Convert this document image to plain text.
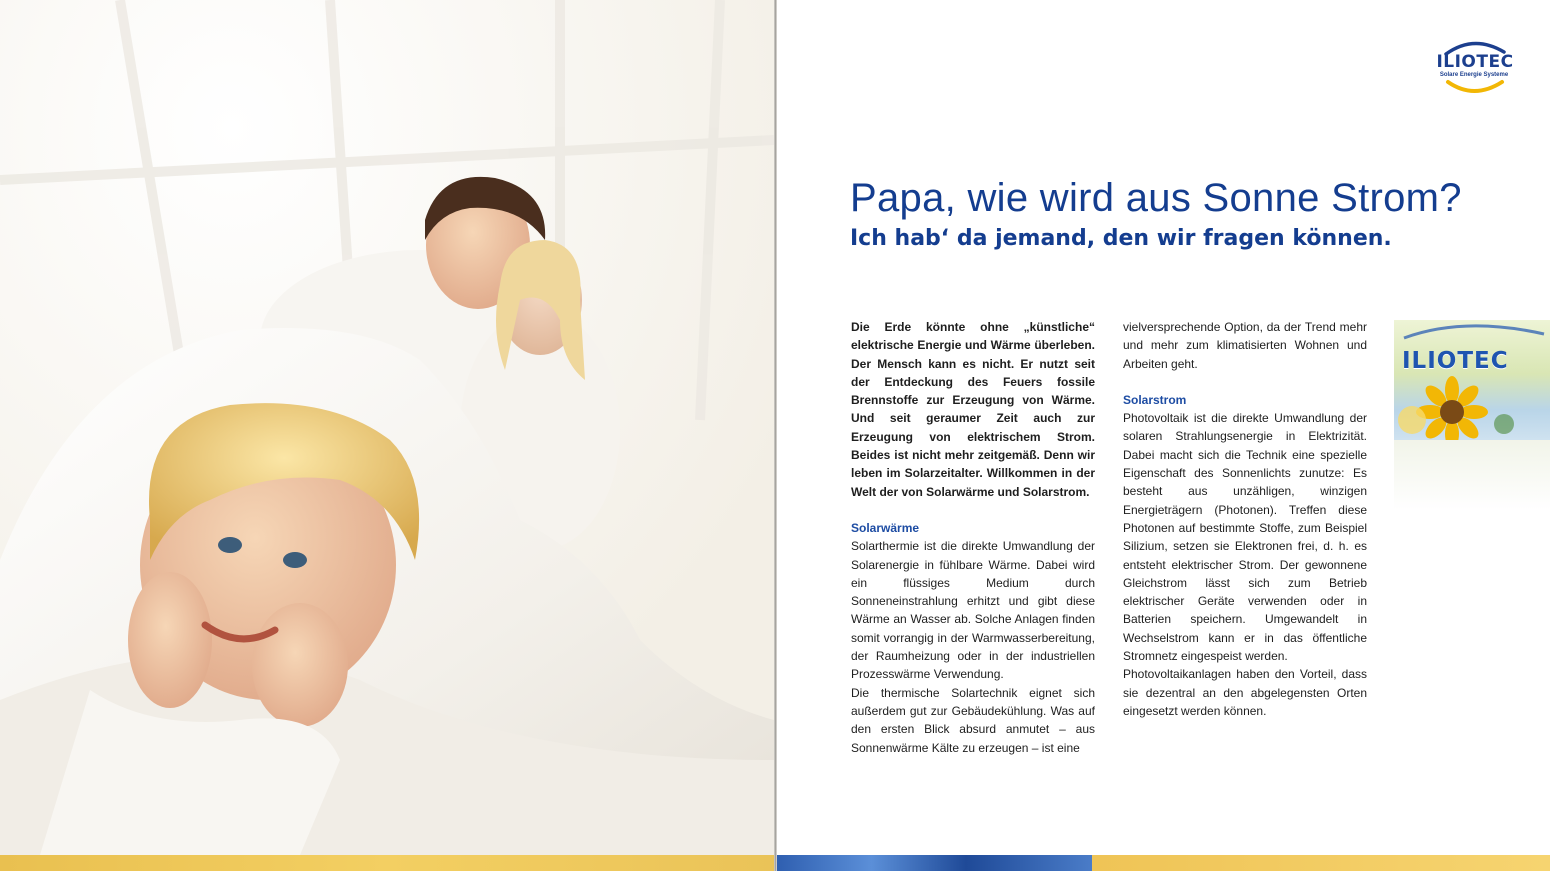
ILIOTEC
Solare Energie Systeme
Papa, wie wird aus Sonne Strom?
Ich hab‘ da jemand, den wir fragen können.

Die Erde könnte ohne „künstliche“ elektrische Energie und Wärme überleben. Der Mensch kann es nicht. Er nutzt seit der Entdeckung des Feuers fossile Brennstoffe zur Erzeugung von Wärme. Und seit geraumer Zeit auch zur Erzeugung von elektrischem Strom. Beides ist nicht mehr zeitgemäß. Denn wir leben im Solarzeitalter. Willkommen in der Welt der von Solarwärme und Solarstrom.

Solarwärme

Solarthermie ist die direkte Umwandlung der Solarenergie in fühlbare Wärme. Dabei wird ein flüssiges Medium durch Sonneneinstrahlung erhitzt und gibt diese Wärme an Wasser ab. Solche Anlagen finden somit vorrangig in der Warmwasserbereitung, der Raumheizung oder in der industriellen Prozesswärme Verwendung.

Die thermische Solartechnik eignet sich außerdem gut zur Gebäudekühlung. Was auf den ersten Blick absurd anmutet – aus Sonnenwärme Kälte zu erzeugen – ist eine

vielversprechende Option, da der Trend mehr und mehr zum klimatisierten Wohnen und Arbeiten geht.

Solarstrom

Photovoltaik ist die direkte Umwandlung der solaren Strahlungsenergie in Elektrizität. Dabei macht sich die Technik eine spezielle Eigenschaft des Sonnenlichts zunutze: Es besteht aus unzähligen, winzigen Energieträgern (Photonen). Treffen diese Photonen auf bestimmte Stoffe, zum Beispiel Silizium, setzen sie Elektronen frei, d. h. es entsteht elektrischer Strom. Der gewonnene Gleichstrom lässt sich zum Betrieb elektrischer Geräte verwenden oder in Batterien speichern. Umgewandelt in Wechselstrom kann er in das öffentliche Stromnetz eingespeist werden.

Photovoltaikanlagen haben den Vorteil, dass sie dezentral an den abgelegensten Orten eingesetzt werden können.

ILIOTEC
